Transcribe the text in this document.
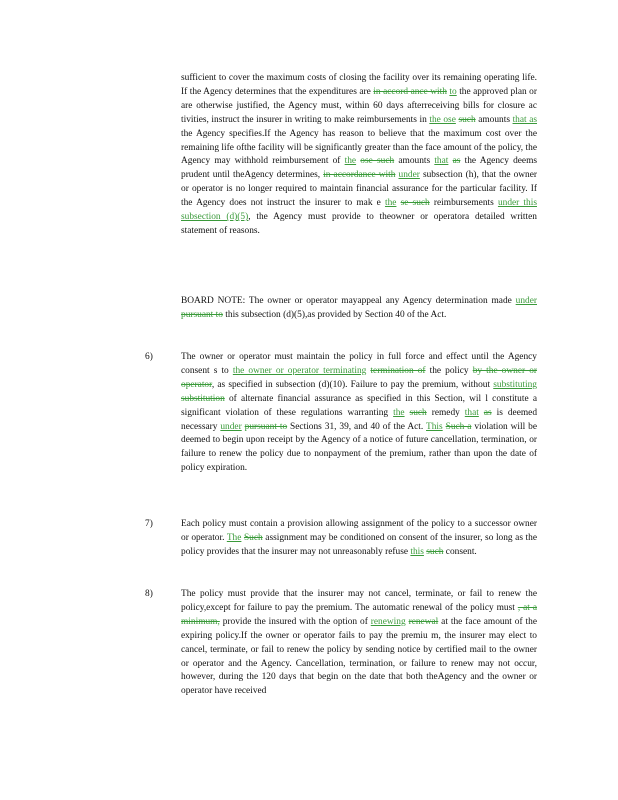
sufficient to cover the maximum costs of closing the facility over its remaining operating life. If the Agency determines that the expenditures are in accord ance with to the approved plan or are otherwise justified, the Agency must, within 60 days afterreceiving bills for closure ac tivities, instruct the insurer in writing to make reimbursements in the ose such amounts that as the Agency specifies.If the Agency has reason to believe that the maximum cost over the remaining life ofthe facility will be significantly greater than the face amount of the policy, the Agency may withhold reimbursement of the ose such amounts that as the Agency deems prudent until theAgency determines, in accordance with under subsection (h), that the owner or operator is no longer required to maintain financial assurance for the particular facility. If the Agency does not instruct the insurer to mak e the se such reimbursements under this subsection (d)(5), the Agency must provide to theowner or operatora detailed written statement of reasons.

BOARD NOTE: The owner or operator mayappeal any Agency determination made under pursuant to this subsection (d)(5),as provided by Section 40 of the Act.

6)	The owner or operator must maintain the policy in full force and effect until the Agency consent s to the owner or operator terminating termination of the policy by the owner or operator, as specified in subsection (d)(10). Failure to pay the premium, without substituting substitution of alternate financial assurance as specified in this Section, wil l constitute a significant violation of these regulations warranting the such remedy that as is deemed necessary under pursuant to Sections 31, 39, and 40 of the Act. This Such a violation will be deemed to begin upon receipt by the Agency of a notice of future cancellation, termination, or failure to renew the policy due to nonpayment of the premium, rather than upon the date of policy expiration.

7)	Each policy must contain a provision allowing assignment of the policy to a successor owner or operator. The Such assignment may be conditioned on consent of the insurer, so long as the policy provides that the insurer may not unreasonably refuse this such consent.

8)	The policy must provide that the insurer may not cancel, terminate, or fail to renew the policy,except for failure to pay the premium. The automatic renewal of the policy must , at a minimum, provide the insured with the option of renewing renewal at the face amount of the expiring policy.If the owner or operator fails to pay the premiu m, the insurer may elect to cancel, terminate, or fail to renew the policy by sending notice by certified mail to the owner or operator and the Agency. Cancellation, termination, or failure to renew may not occur, however, during the 120 days that begin on the date that both theAgency and the owner or operator have received
